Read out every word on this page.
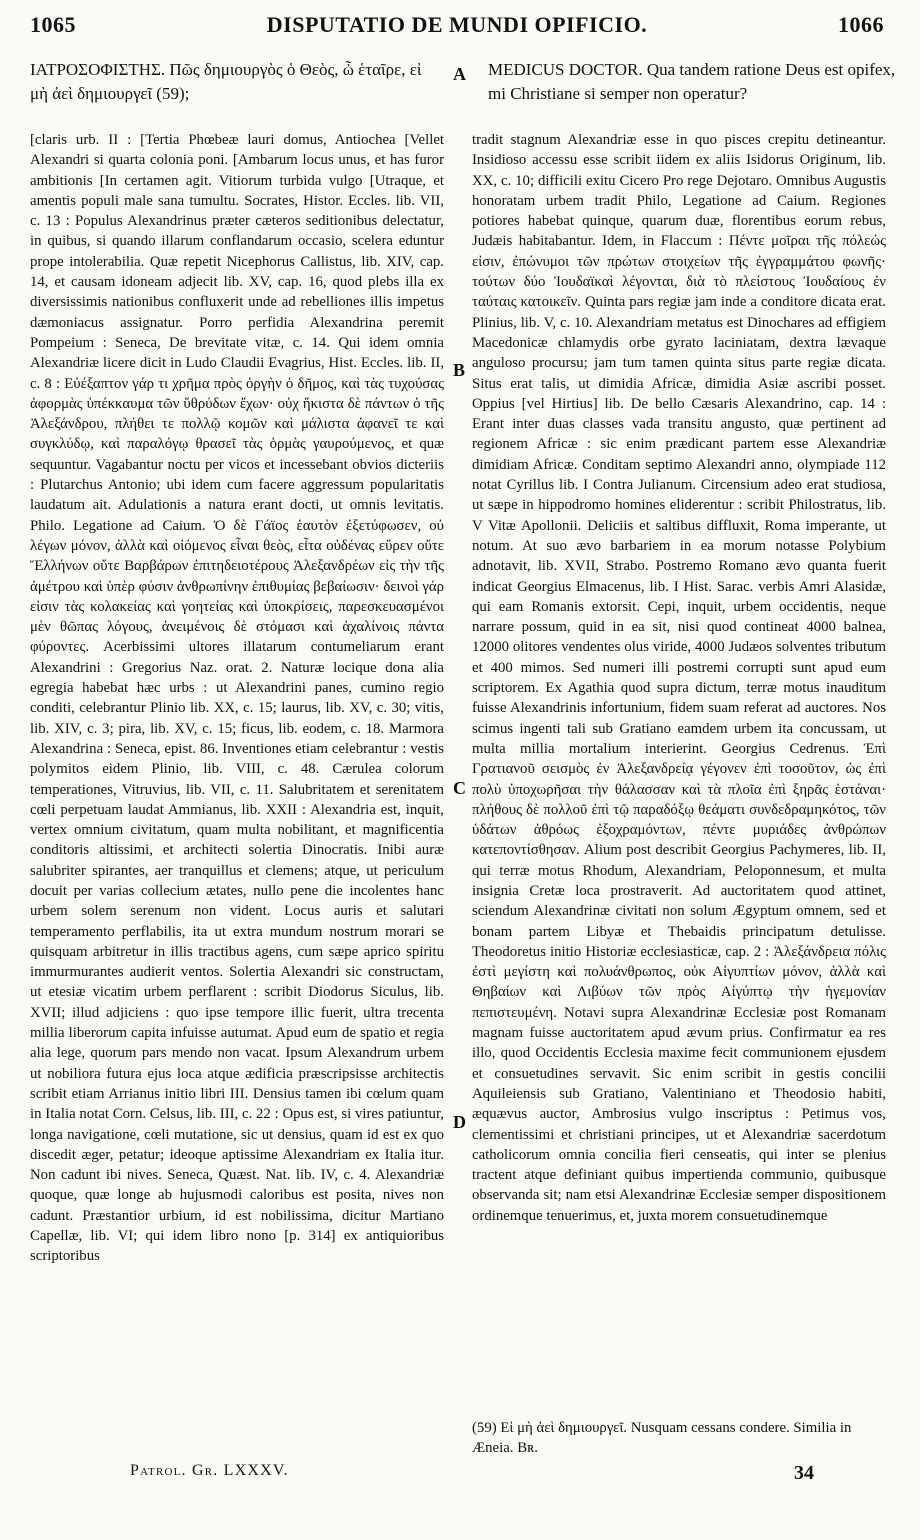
1065	DISPUTATIO DE MUNDI OPIFICIO.	1066
ΙΑΤΡΟΣΟΦΙΣΤΗΣ. Πῶς δημιουργὸς ὁ Θεὸς, ὦ ἑταῖρε, εἰ μὴ ἀεὶ δημιουργεῖ (59);
MEDICUS DOCTOR. Qua tandem ratione Deus est opifex, mi Christiane si semper non operatur?
A
B
C
D

[claris urb. II : [Tertia Phœbeæ lauri domus, Antiochea [Vellet Alexandri si quarta colonia poni. [Ambarum locus unus, et has furor ambitionis [In certamen agit. Vitiorum turbida vulgo [Utraque, et amentis populi male sana tumultu. Socrates, Histor. Eccles. lib. VII, c. 13 : Populus Alexandrinus præter cæteros seditionibus delectatur, in quibus, si quando illarum conflandarum occasio, scelera eduntur prope intolerabilia. Quæ repetit Nicephorus Callistus, lib. XIV, cap. 14, et causam idoneam adjecit lib. XV, cap. 16, quod plebs illa ex diversissimis nationibus confluxerit unde ad rebelliones illis impetus dæmoniacus assignatur. Porro perfidia Alexandrina peremit Pompeium : Seneca, De brevitate vitæ, c. 14. Qui idem omnia Alexandriæ licere dicit in Ludo Claudii Evagrius, Hist. Eccles. lib. II, c. 8 : Εὐέξαπτον γάρ τι χρῆμα πρὸς ὀργὴν ὁ δῆμος, καὶ τὰς τυχούσας ἀφορμὰς ὑπέκκαυμα τῶν ὕθρύδων ἔχων· οὐχ ἥκιστα δὲ πάντων ὁ τῆς Ἀλεξάνδρου, πλήθει τε πολλῷ κομῶν καὶ μάλιστα ἀφανεῖ τε καὶ συγκλύδῳ, καὶ παραλόγῳ θρασεῖ τὰς ὁρμὰς γαυρούμενος, et quæ sequuntur. Vagabantur noctu per vicos et incessebant obvios dicteriis : Plutarchus Antonio; ubi idem cum facere aggressum popularitatis laudatum ait. Adulationis a natura erant docti, ut omnis levitatis. Philo. Legatione ad Caium. Ὁ δὲ Γάϊος ἑαυτὸν ἐξετύφωσεν, οὐ λέγων μόνον, ἀλλὰ καὶ οἰόμενος εἶναι θεὸς, εἶτα οὐδένας εὕρεν οὔτε Ἕλλήνων οὔτε Βαρβάρων ἐπιτηδειοτέρους Ἀλεξανδρέων εἰς τὴν τῆς ἀμέτρου καὶ ὑπὲρ φύσιν ἀνθρωπίνην ἐπιθυμίας βεβαίωσιν· δεινοὶ γάρ εἰσιν τὰς κολακείας καὶ γοητείας καὶ ὑποκρίσεις, παρεσκευασμένοι μὲν θῶπας λόγους, ἀνειμένοις δὲ στόμασι καὶ ἀχαλίνοις πάντα φύροντες. Acerbissimi ultores illatarum contumeliarum erant Alexandrini : Gregorius Naz. orat. 2. Naturæ locique dona alia egregia habebat hæc urbs : ut Alexandrini panes, cumino regio conditi, celebrantur Plinio lib. XX, c. 15; laurus, lib. XV, c. 30; vitis, lib. XIV, c. 3; pira, lib. XV, c. 15; ficus, lib. eodem, c. 18. Marmora Alexandrina : Seneca, epist. 86. Inventiones etiam celebrantur : vestis polymitos eidem Plinio, lib. VIII, c. 48. Cærulea colorum temperationes, Vitruvius, lib. VII, c. 11. Salubritatem et serenitatem cœli perpetuam laudat Ammianus, lib. XXII : Alexandria est, inquit, vertex omnium civitatum, quam multa nobilitant, et magnificentia conditoris altissimi, et architecti solertia Dinocratis. Inibi auræ salubriter spirantes, aer tranquillus et clemens; atque, ut periculum docuit per varias collecium ætates, nullo pene die incolentes hanc urbem solem serenum non vident. Locus auris et salutari temperamento perflabilis, ita ut extra mundum nostrum morari se quisquam arbitretur in illis tractibus agens, cum sæpe aprico spiritu immurmurantes audierit ventos. Solertia Alexandri sic constructam, ut etesiæ vicatim urbem perflarent : scribit Diodorus Siculus, lib. XVII; illud adjiciens : quo ipse tempore illic fuerit, ultra trecenta millia liberorum capita infuisse autumat. Apud eum de spatio et regia alia lege, quorum pars mendo non vacat. Ipsum Alexandrum urbem ut nobiliora futura ejus loca atque ædificia præscripsisse architectis scribit etiam Arrianus initio libri III. Densius tamen ibi cœlum quam in Italia notat Corn. Celsus, lib. III, c. 22 : Opus est, si vires patiuntur, longa navigatione, cœli mutatione, sic ut densius, quam id est ex quo discedit æger, petatur; ideoque aptissime Alexandriam ex Italia itur. Non cadunt ibi nives. Seneca, Quæst. Nat. lib. IV, c. 4. Alexandriæ quoque, quæ longe ab hujusmodi caloribus est posita, nives non cadunt. Præstantior urbium, id est nobilissima, dicitur Martiano Capellæ, lib. VI; qui idem libro nono [p. 314] ex antiquioribus scriptoribus

tradit stagnum Alexandriæ esse in quo pisces crepitu detineantur. Insidioso accessu esse scribit iidem ex aliis Isidorus Originum, lib. XX, c. 10; difficili exitu Cicero Pro rege Dejotaro. Omnibus Augustis honoratam urbem tradit Philo, Legatione ad Caium. Regiones potiores habebat quinque, quarum duæ, florentibus eorum rebus, Judæis habitabantur. Idem, in Flaccum : Πέντε μοῖραι τῆς πόλεώς εἰσιν, ἐπώνυμοι τῶν πρώτων στοιχείων τῆς ἐγγραμμάτου φωνῆς· τούτων δύο Ἰουδαϊκαὶ λέγονται, διὰ τὸ πλείστους Ἰουδαίους ἐν ταύταις κατοικεῖν. Quinta pars regiæ jam inde a conditore dicata erat. Plinius, lib. V, c. 10. Alexandriam metatus est Dinochares ad effigiem Macedonicæ chlamydis orbe gyrato laciniatam, dextra lævaque anguloso procursu; jam tum tamen quinta situs parte regiæ dicata. Situs erat talis, ut dimidia Africæ, dimidia Asiæ ascribi posset. Oppius [vel Hirtius] lib. De bello Cæsaris Alexandrino, cap. 14 : Erant inter duas classes vada transitu angusto, quæ pertinent ad regionem Africæ : sic enim prædicant partem esse Alexandriæ dimidiam Africæ. Conditam septimo Alexandri anno, olympiade 112 notat Cyrillus lib. I Contra Julianum. Circensium adeo erat studiosa, ut sæpe in hippodromo homines eliderentur : scribit Philostratus, lib. V Vitæ Apollonii. Deliciis et saltibus diffluxit, Roma imperante, ut notum. At suo ævo barbariem in ea morum notasse Polybium adnotavit, lib. XVII, Strabo. Postremo Romano ævo quanta fuerit indicat Georgius Elmacenus, lib. I Hist. Sarac. verbis Amri Alasidæ, qui eam Romanis extorsit. Cepi, inquit, urbem occidentis, neque narrare possum, quid in ea sit, nisi quod contineat 4000 balnea, 12000 olitores vendentes olus viride, 4000 Judæos solventes tributum et 400 mimos. Sed numeri illi postremi corrupti sunt apud eum scriptorem. Ex Agathia quod supra dictum, terræ motus inauditum fuisse Alexandrinis infortunium, fidem suam referat ad auctores. Nos scimus ingenti tali sub Gratiano eamdem urbem ita concussam, ut multa millia mortalium interierint. Georgius Cedrenus. Ἐπὶ Γρατιανοῦ σεισμὸς ἐν Ἀλεξανδρείᾳ γέγονεν ἐπὶ τοσοῦτον, ὡς ἐπὶ πολὺ ὑποχωρῆσαι τὴν θάλασσαν καὶ τὰ πλοῖα ἐπὶ ξηρᾶς ἑστάναι· πλήθους δὲ πολλοῦ ἐπὶ τῷ παραδόξῳ θεάματι συνδεδραμηκότος, τῶν ὑδάτων ἀθρόως ἐξοχραμόντων, πέντε μυριάδες ἀνθρώπων κατεποντίσθησαν. Alium post describit Georgius Pachymeres, lib. II, qui terræ motus Rhodum, Alexandriam, Peloponnesum, et multa insignia Cretæ loca prostraverit. Ad auctoritatem quod attinet, sciendum Alexandrinæ civitati non solum Ægyptum omnem, sed et bonam partem Libyæ et Thebaidis principatum detulisse. Theodoretus initio Historiæ ecclesiasticæ, cap. 2 : Ἀλεξάνδρεια πόλις ἐστὶ μεγίστη καὶ πολυάνθρωπος, οὐκ Αἰγυπτίων μόνον, ἀλλὰ καὶ Θηβαίων καὶ Λιβύων τῶν πρὸς Αἰγύπτῳ τὴν ἡγεμονίαν πεπιστευμένη. Notavi supra Alexandrinæ Ecclesiæ post Romanam magnam fuisse auctoritatem apud ævum prius. Confirmatur ea res illo, quod Occidentis Ecclesia maxime fecit communionem ejusdem et consuetudines servavit. Sic enim scribit in gestis concilii Aquileiensis sub Gratiano, Valentiniano et Theodosio habiti, æquævus auctor, Ambrosius vulgo inscriptus : Petimus vos, clementissimi et christiani principes, ut et Alexandriæ sacerdotum catholicorum omnia concilia fieri censeatis, qui inter se plenius tractent atque definiant quibus impertienda communio, quibusque observanda sit; nam etsi Alexandrinæ Ecclesiæ semper dispositionem ordinemque tenuerimus, et, juxta morem consuetudinemque

(59) Εἰ μὴ ἀεὶ δημιουργεῖ. Nusquam cessans condere. Similia in Æneia. Bʀ.
Patrol. Gr. LXXXV.	34
